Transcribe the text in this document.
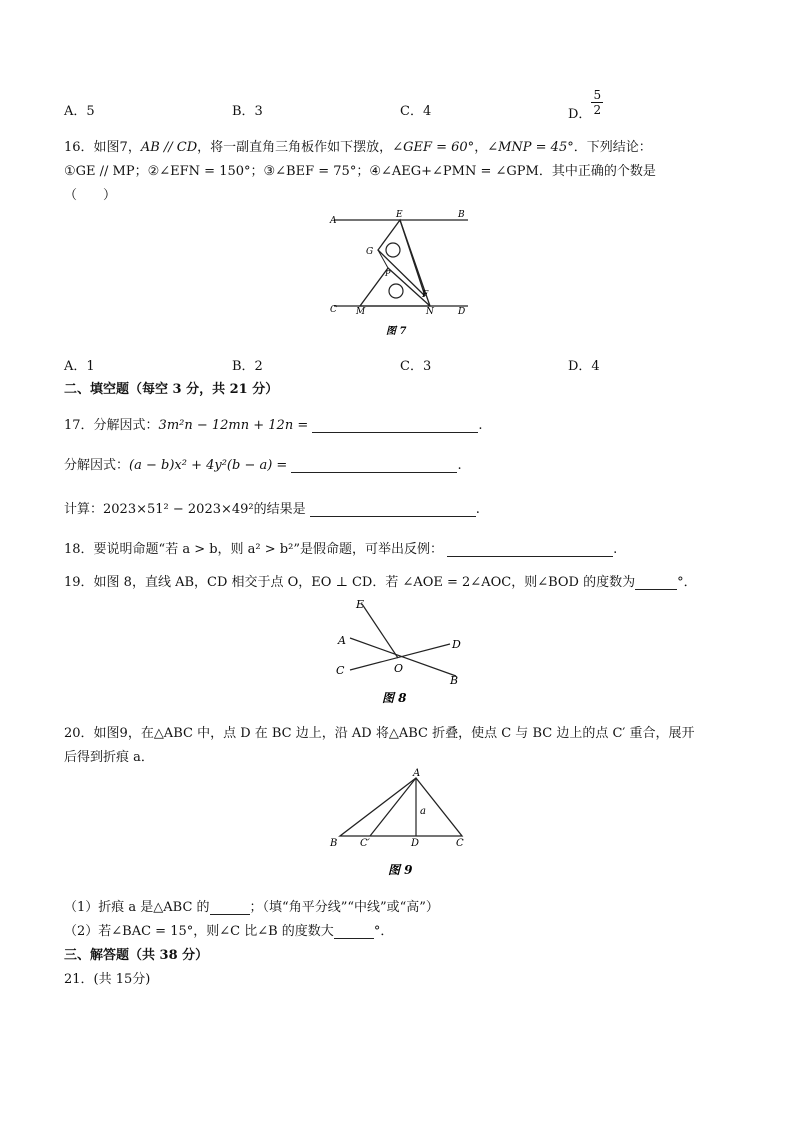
A．5	B．3	C．4	D． $\frac{5}{2}$
16．如图7，AB // CD，将一副直角三角板作如下摆放，∠GEF = 60°，∠MNP = 45°．下列结论：
①GE // MP；②∠EFN = 150°；③∠BEF = 75°；④∠AEG+∠PMN = ∠GPM．其中正确的个数是
（　　）
A
E	B
G
P
F
C M	N	D
图 7
A．1	B．2	C．3	D．4
二、填空题（每空 3 分，共 21 分）
17．分解因式：3m²n − 12mn + 12n =	.
分解因式：(a − b)x² + 4y²(b − a) =	.
计算：2023×51² − 2023×49²的结果是	.
18．要说明命题“若 a > b，则 a² > b²”是假命题，可举出反例：	.
19．如图 8，直线 AB，CD 相交于点 O，EO ⊥ CD．若 ∠AOE = 2∠AOC，则∠BOD 的度数为	°．
E
A	D
C	O
B
图 8
20．如图9，在△ABC 中，点 D 在 BC 边上，沿 AD 将△ABC 折叠，使点 C 与 BC 边上的点 C′ 重合，展开
后得到折痕 a．
A
a
B C′	D	C
图 9
（1）折痕 a 是△ABC 的	；（填“角平分线”“中线”或“高”）
（2）若∠BAC = 15°，则∠C 比∠B 的度数大	°．
三、解答题（共 38 分）
21．(共 15分)
